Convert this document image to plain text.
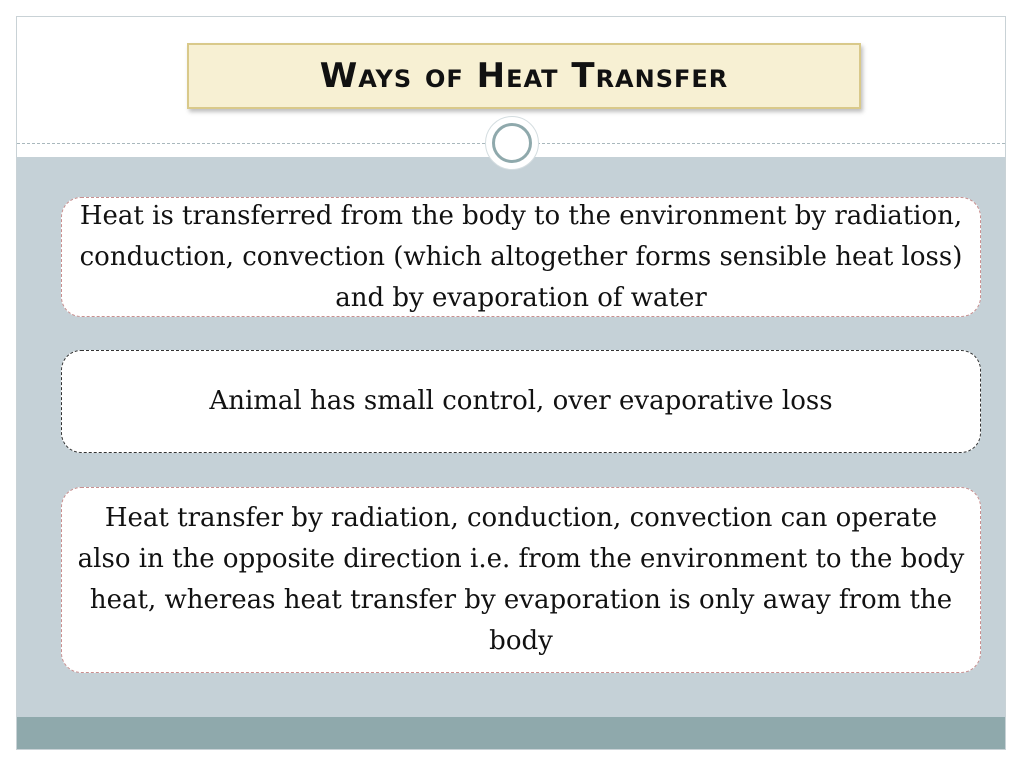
Ways of Heat Transfer
Heat is transferred from the body to the environment by radiation, conduction, convection (which altogether forms sensible heat loss) and by evaporation of water
Animal has small control, over evaporative loss
Heat transfer by radiation, conduction, convection can operate also in the opposite direction i.e. from the environment to the body heat, whereas heat transfer by evaporation is only away from the body
